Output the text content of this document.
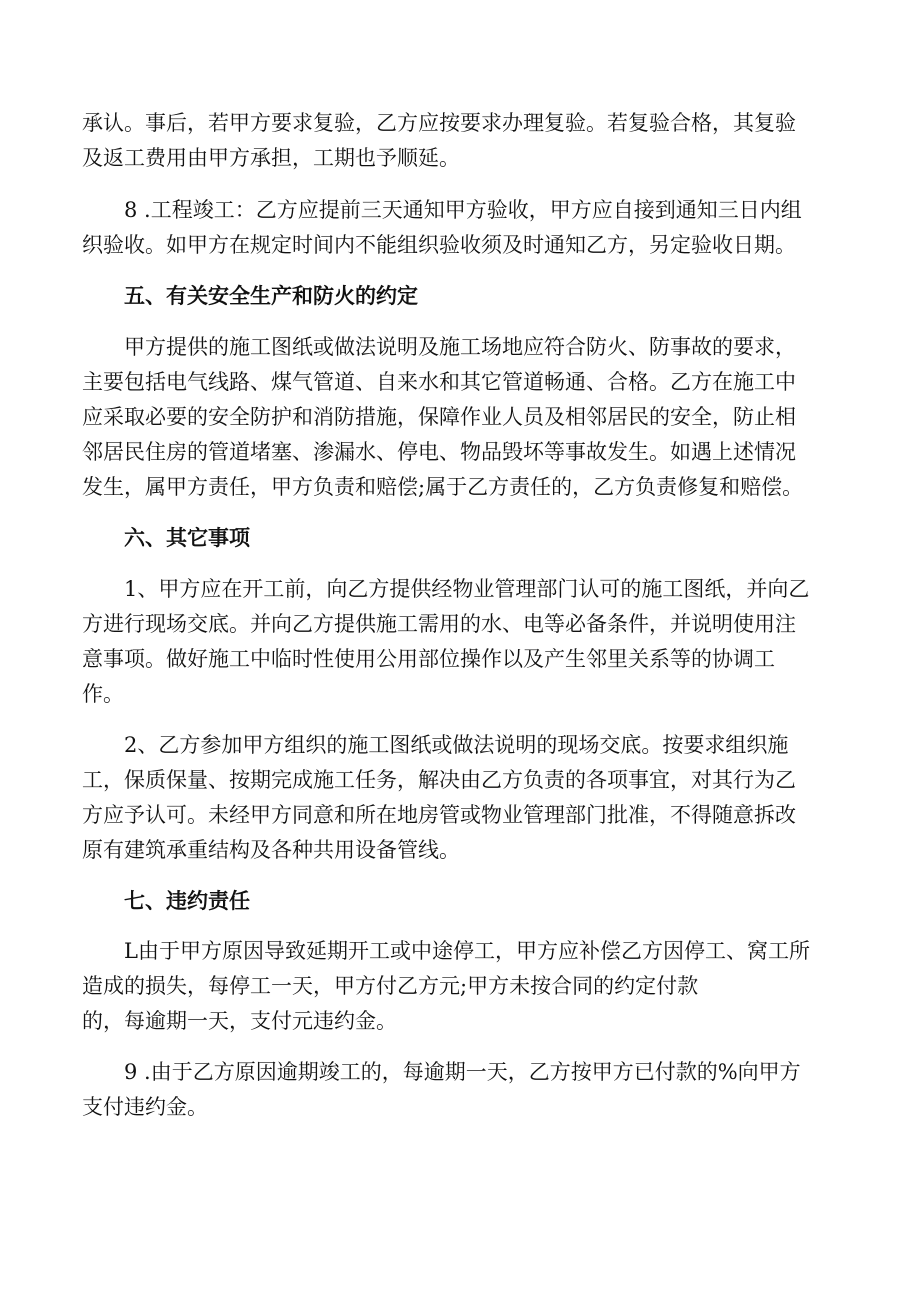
承认。事后，若甲方要求复验，乙方应按要求办理复验。若复验合格，其复验
及返工费用由甲方承担，工期也予顺延。
8 .工程竣工：乙方应提前三天通知甲方验收，甲方应自接到通知三日内组
织验收。如甲方在规定时间内不能组织验收须及时通知乙方，另定验收日期。
五、有关安全生产和防火的约定
甲方提供的施工图纸或做法说明及施工场地应符合防火、防事故的要求，
主要包括电气线路、煤气管道、自来水和其它管道畅通、合格。乙方在施工中
应采取必要的安全防护和消防措施，保障作业人员及相邻居民的安全，防止相
邻居民住房的管道堵塞、渗漏水、停电、物品毁坏等事故发生。如遇上述情况
发生，属甲方责任，甲方负责和赔偿;属于乙方责任的，乙方负责修复和赔偿。
六、其它事项
1、甲方应在开工前，向乙方提供经物业管理部门认可的施工图纸，并向乙
方进行现场交底。并向乙方提供施工需用的水、电等必备条件，并说明使用注
意事项。做好施工中临时性使用公用部位操作以及产生邻里关系等的协调工
作。
2、乙方参加甲方组织的施工图纸或做法说明的现场交底。按要求组织施
工，保质保量、按期完成施工任务，解决由乙方负责的各项事宜，对其行为乙
方应予认可。未经甲方同意和所在地房管或物业管理部门批准，不得随意拆改
原有建筑承重结构及各种共用设备管线。
七、违约责任
L由于甲方原因导致延期开工或中途停工，甲方应补偿乙方因停工、窝工所
造成的损失，每停工一天，甲方付乙方元;甲方未按合同的约定付款
的，每逾期一天，支付元违约金。
9 .由于乙方原因逾期竣工的，每逾期一天，乙方按甲方已付款的%向甲方
支付违约金。
